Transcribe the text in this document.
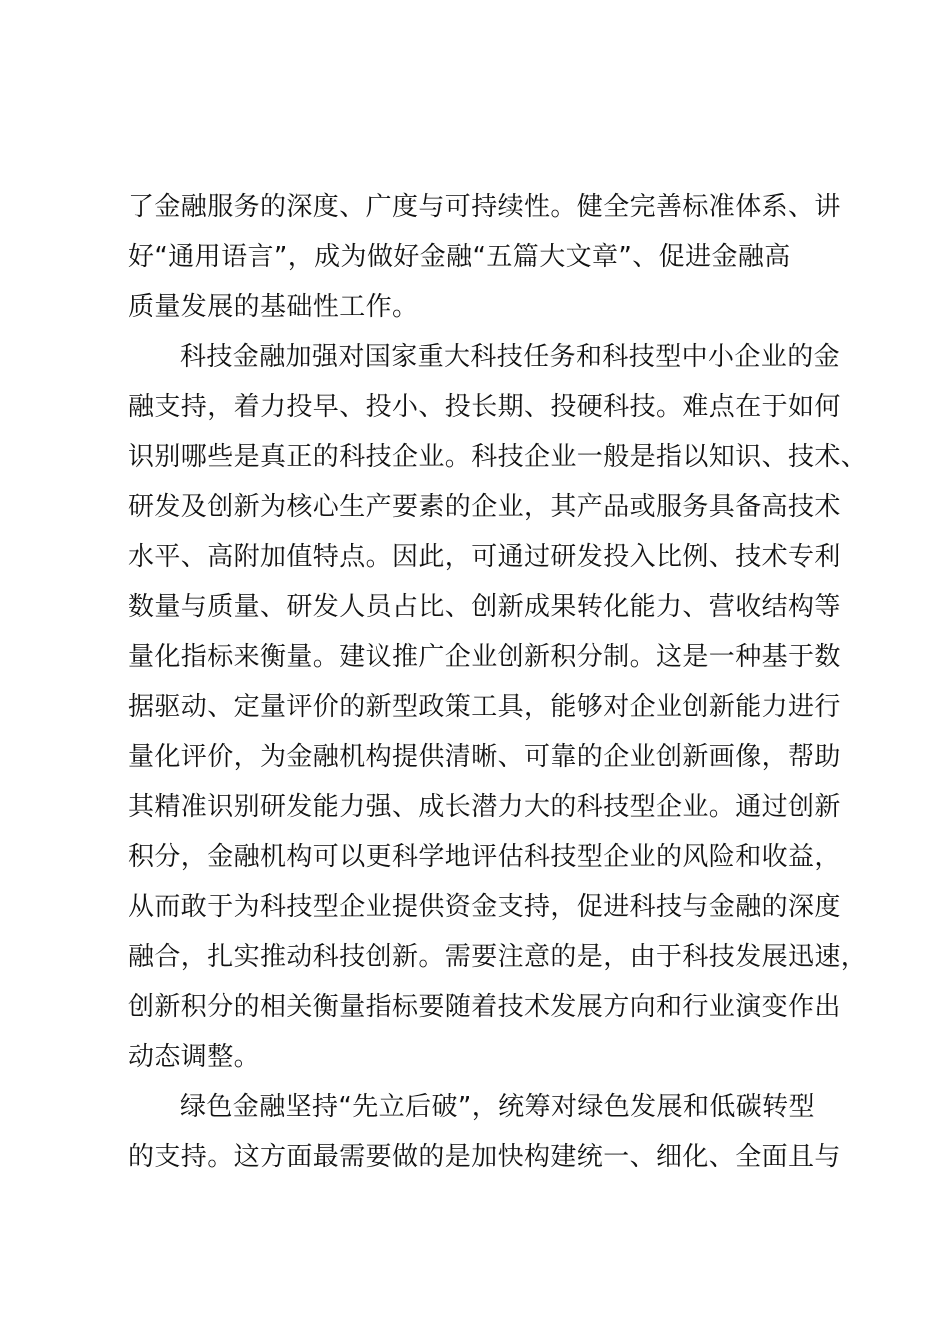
了金融服务的深度、广度与可持续性。健全完善标准体系、讲
好“通用语言”，成为做好金融“五篇大文章”、促进金融高
质量发展的基础性工作。
科技金融加强对国家重大科技任务和科技型中小企业的金
融支持，着力投早、投小、投长期、投硬科技。难点在于如何
识别哪些是真正的科技企业。科技企业一般是指以知识、技术、
研发及创新为核心生产要素的企业，其产品或服务具备高技术
水平、高附加值特点。因此，可通过研发投入比例、技术专利
数量与质量、研发人员占比、创新成果转化能力、营收结构等
量化指标来衡量。建议推广企业创新积分制。这是一种基于数
据驱动、定量评价的新型政策工具，能够对企业创新能力进行
量化评价，为金融机构提供清晰、可靠的企业创新画像，帮助
其精准识别研发能力强、成长潜力大的科技型企业。通过创新
积分，金融机构可以更科学地评估科技型企业的风险和收益，
从而敢于为科技型企业提供资金支持，促进科技与金融的深度
融合，扎实推动科技创新。需要注意的是，由于科技发展迅速，
创新积分的相关衡量指标要随着技术发展方向和行业演变作出
动态调整。
绿色金融坚持“先立后破”，统筹对绿色发展和低碳转型
的支持。这方面最需要做的是加快构建统一、细化、全面且与
